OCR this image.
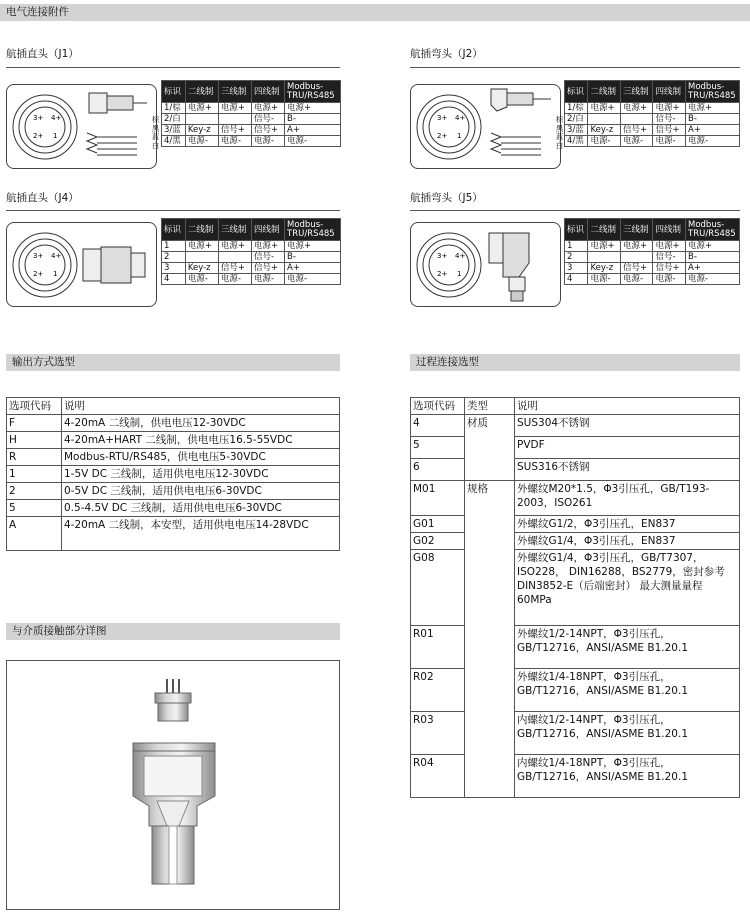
电气连接附件
航插直头（J1）
3+ 4+
2+ 1
棕
黑
蓝
白
标识	二线制	三线制	四线制	Modbus-TRU/RS485
1/棕	电源+	电源+	电源+	电源+
2/白			信号-	B-
3/蓝	Key-z	信号+	信号+	A+
4/黑	电源-	电源-	电源-	电源-
航插弯头（J2）
3+ 4+
2+ 1
棕
黑
蓝
白
标识	二线制	三线制	四线制	Modbus-TRU/RS485
1/棕	电源+	电源+	电源+	电源+
2/白			信号-	B-
3/蓝	Key-z	信号+	信号+	A+
4/黑	电源-	电源-	电源-	电源-
航插直头（J4）
3+ 4+
2+ 1
标识	二线制	三线制	四线制	Modbus-TRU/RS485
1	电源+	电源+	电源+	电源+
2			信号-	B-
3	Key-z	信号+	信号+	A+
4	电源-	电源-	电源-	电源-
航插弯头（J5）
3+ 4+
2+ 1
标识	二线制	三线制	四线制	Modbus-TRU/RS485
1	电源+	电源+	电源+	电源+
2			信号-	B-
3	Key-z	信号+	信号+	A+
4	电源-	电源-	电源-	电源-
输出方式选型
选项代码	说明
F	4-20mA 二线制，供电电压12-30VDC
H	4-20mA+HART 二线制，供电电压16.5-55VDC
R	Modbus-RTU/RS485，供电电压5-30VDC
1	1-5V DC 三线制，适用供电电压12-30VDC
2	0-5V DC 三线制，适用供电电压6-30VDC
5	0.5-4.5V DC 三线制，适用供电电压6-30VDC
A	4-20mA 二线制，本安型，适用供电电压14-28VDC
与介质接触部分详图
过程连接选型
选项代码	类型	说明
4	材质	SUS304不锈钢
5		PVDF
6		SUS316不锈钢
M01	规格	外螺纹M20*1.5，Φ3引压孔，GB/T193-2003，ISO261
G01		外螺纹G1/2，Φ3引压孔，EN837
G02		外螺纹G1/4，Φ3引压孔，EN837
G08		外螺纹G1/4，Φ3引压孔，GB/T7307，ISO228， DIN16288，BS2779，密封参考DIN3852-E（后端密封） 最大测量量程60MPa
R01		外螺纹1/2-14NPT，Φ3引压孔，GB/T12716，ANSI/ASME B1.20.1
R02		外螺纹1/4-18NPT，Φ3引压孔，GB/T12716，ANSI/ASME B1.20.1
R03		内螺纹1/2-14NPT，Φ3引压孔，GB/T12716，ANSI/ASME B1.20.1
R04		内螺纹1/4-18NPT，Φ3引压孔，GB/T12716，ANSI/ASME B1.20.1
